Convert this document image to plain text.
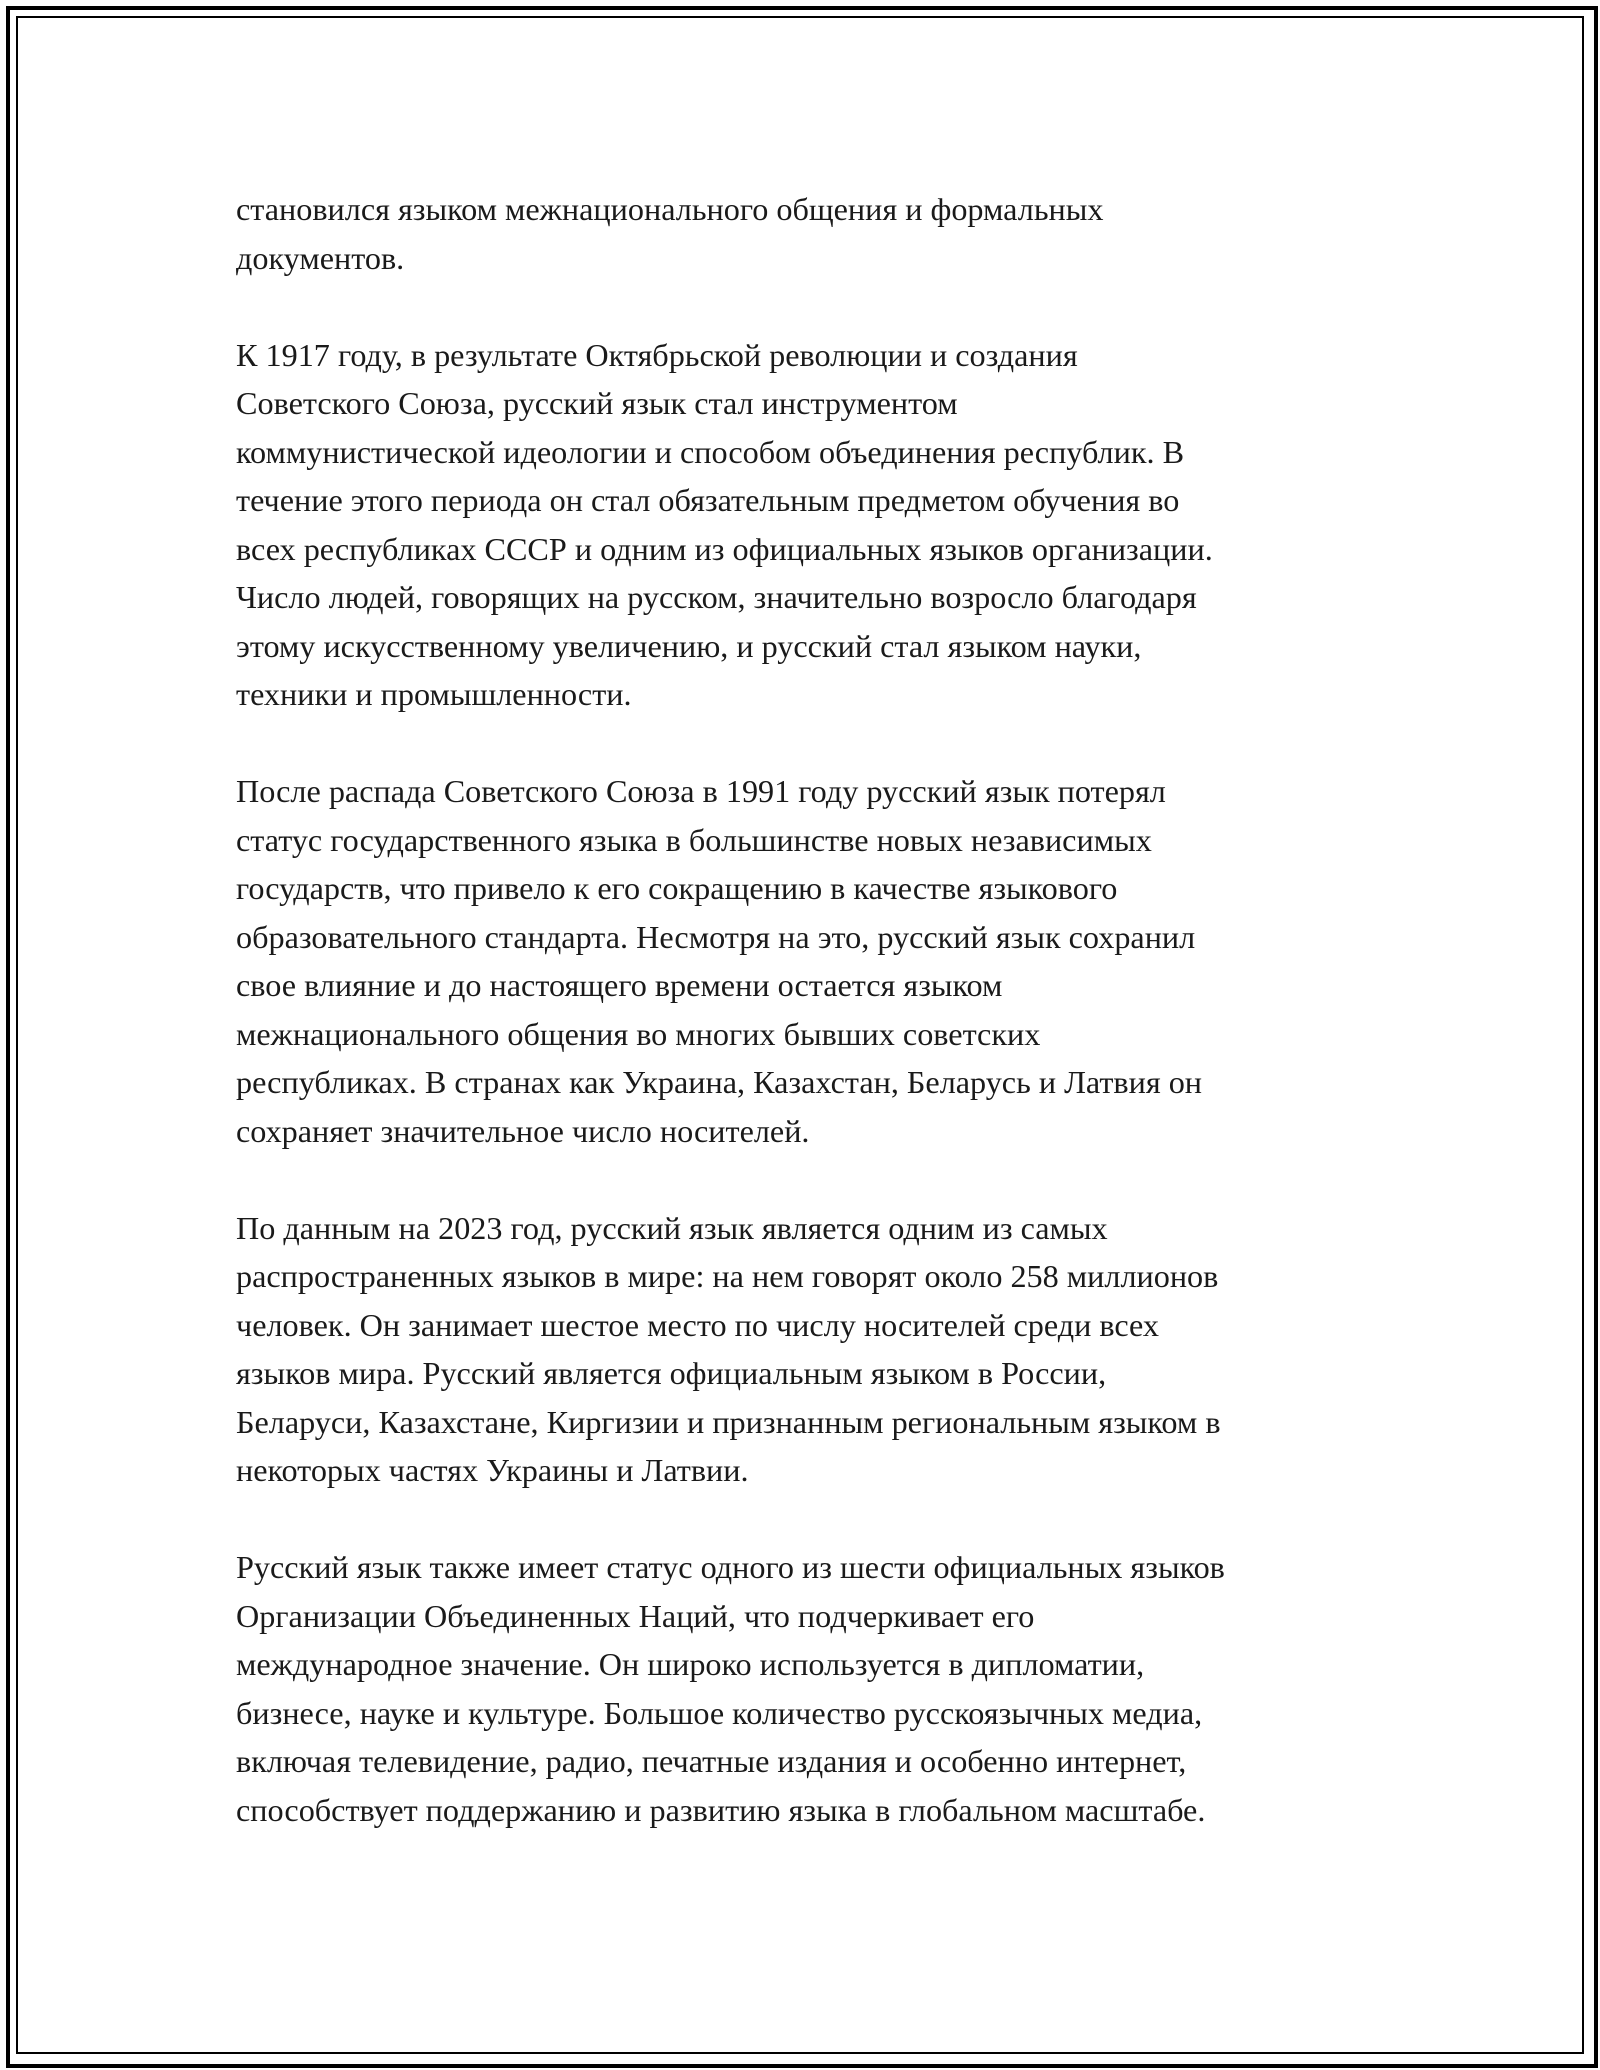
становился языком межнационального общения и формальных
документов.

К 1917 году, в результате Октябрьской революции и создания
Советского Союза, русский язык стал инструментом
коммунистической идеологии и способом объединения республик. В
течение этого периода он стал обязательным предметом обучения во
всех республиках СССР и одним из официальных языков организации.
Число людей, говорящих на русском, значительно возросло благодаря
этому искусственному увеличению, и русский стал языком науки,
техники и промышленности.

После распада Советского Союза в 1991 году русский язык потерял
статус государственного языка в большинстве новых независимых
государств, что привело к его сокращению в качестве языкового
образовательного стандарта. Несмотря на это, русский язык сохранил
свое влияние и до настоящего времени остается языком
межнационального общения во многих бывших советских
республиках. В странах как Украина, Казахстан, Беларусь и Латвия он
сохраняет значительное число носителей.

По данным на 2023 год, русский язык является одним из самых
распространенных языков в мире: на нем говорят около 258 миллионов
человек. Он занимает шестое место по числу носителей среди всех
языков мира. Русский является официальным языком в России,
Беларуси, Казахстане, Киргизии и признанным региональным языком в
некоторых частях Украины и Латвии.

Русский язык также имеет статус одного из шести официальных языков
Организации Объединенных Наций, что подчеркивает его
международное значение. Он широко используется в дипломатии,
бизнесе, науке и культуре. Большое количество русскоязычных медиа,
включая телевидение, радио, печатные издания и особенно интернет,
способствует поддержанию и развитию языка в глобальном масштабе.
